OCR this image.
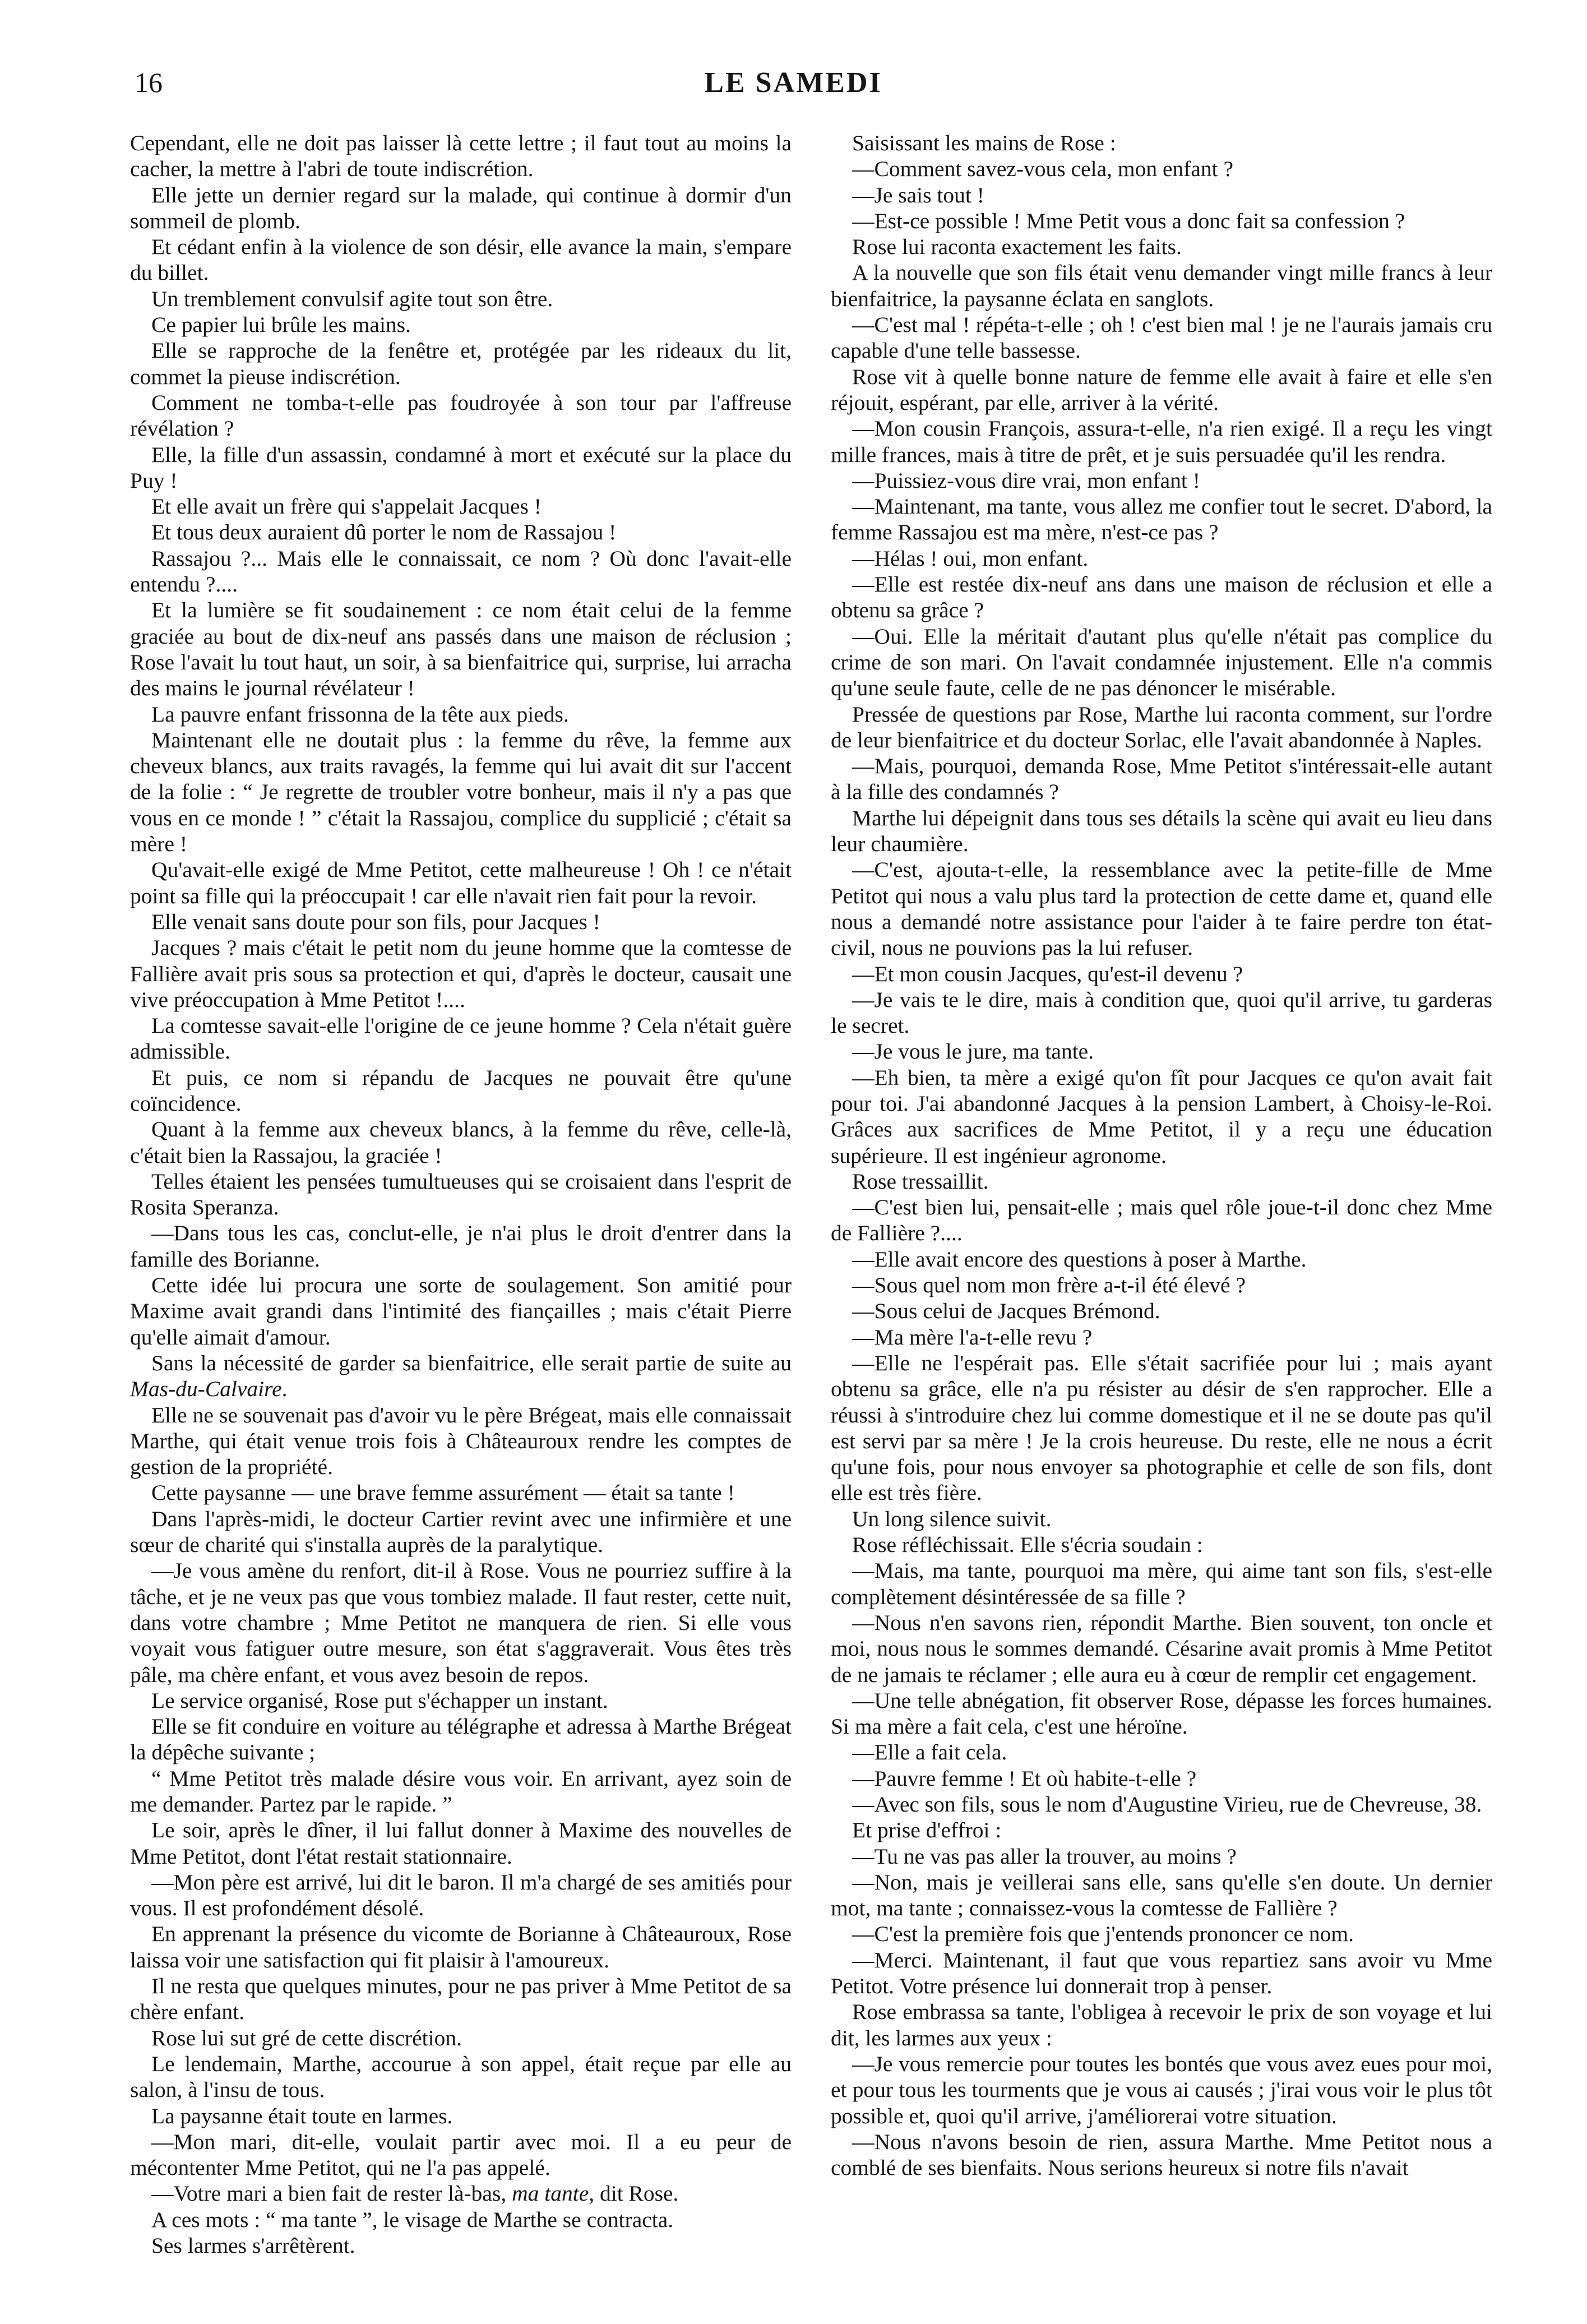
16	LE SAMEDI

Cependant, elle ne doit pas laisser là cette lettre ; il faut tout au moins la cacher, la mettre à l'abri de toute indiscrétion.

Elle jette un dernier regard sur la malade, qui continue à dormir d'un sommeil de plomb.

Et cédant enfin à la violence de son désir, elle avance la main, s'empare du billet.

Un tremblement convulsif agite tout son être.

Ce papier lui brûle les mains.

Elle se rapproche de la fenêtre et, protégée par les rideaux du lit, commet la pieuse indiscrétion.

Comment ne tomba-t-elle pas foudroyée à son tour par l'affreuse révélation ?

Elle, la fille d'un assassin, condamné à mort et exécuté sur la place du Puy !

Et elle avait un frère qui s'appelait Jacques !

Et tous deux auraient dû porter le nom de Rassajou !

Rassajou ?... Mais elle le connaissait, ce nom ? Où donc l'avait-elle entendu ?....

Et la lumière se fit soudainement : ce nom était celui de la femme graciée au bout de dix-neuf ans passés dans une maison de réclusion ; Rose l'avait lu tout haut, un soir, à sa bienfaitrice qui, surprise, lui arracha des mains le journal révélateur !

La pauvre enfant frissonna de la tête aux pieds.

Maintenant elle ne doutait plus : la femme du rêve, la femme aux cheveux blancs, aux traits ravagés, la femme qui lui avait dit sur l'accent de la folie : “ Je regrette de troubler votre bonheur, mais il n'y a pas que vous en ce monde ! ” c'était la Rassajou, complice du supplicié ; c'était sa mère !

Qu'avait-elle exigé de Mme Petitot, cette malheureuse ! Oh ! ce n'était point sa fille qui la préoccupait ! car elle n'avait rien fait pour la revoir.

Elle venait sans doute pour son fils, pour Jacques !

Jacques ? mais c'était le petit nom du jeune homme que la comtesse de Fallière avait pris sous sa protection et qui, d'après le docteur, causait une vive préoccupation à Mme Petitot !....

La comtesse savait-elle l'origine de ce jeune homme ? Cela n'était guère admissible.

Et puis, ce nom si répandu de Jacques ne pouvait être qu'une coïncidence.

Quant à la femme aux cheveux blancs, à la femme du rêve, celle-là, c'était bien la Rassajou, la graciée !

Telles étaient les pensées tumultueuses qui se croisaient dans l'esprit de Rosita Speranza.

—Dans tous les cas, conclut-elle, je n'ai plus le droit d'entrer dans la famille des Borianne.

Cette idée lui procura une sorte de soulagement. Son amitié pour Maxime avait grandi dans l'intimité des fiançailles ; mais c'était Pierre qu'elle aimait d'amour.

Sans la nécessité de garder sa bienfaitrice, elle serait partie de suite au Mas-du-Calvaire.

Elle ne se souvenait pas d'avoir vu le père Brégeat, mais elle connaissait Marthe, qui était venue trois fois à Châteauroux rendre les comptes de gestion de la propriété.

Cette paysanne — une brave femme assurément — était sa tante !

Dans l'après-midi, le docteur Cartier revint avec une infirmière et une sœur de charité qui s'installa auprès de la paralytique.

—Je vous amène du renfort, dit-il à Rose. Vous ne pourriez suffire à la tâche, et je ne veux pas que vous tombiez malade. Il faut rester, cette nuit, dans votre chambre ; Mme Petitot ne manquera de rien. Si elle vous voyait vous fatiguer outre mesure, son état s'aggraverait. Vous êtes très pâle, ma chère enfant, et vous avez besoin de repos.

Le service organisé, Rose put s'échapper un instant.

Elle se fit conduire en voiture au télégraphe et adressa à Marthe Brégeat la dépêche suivante ;

“ Mme Petitot très malade désire vous voir. En arrivant, ayez soin de me demander. Partez par le rapide. ”

Le soir, après le dîner, il lui fallut donner à Maxime des nouvelles de Mme Petitot, dont l'état restait stationnaire.

—Mon père est arrivé, lui dit le baron. Il m'a chargé de ses amitiés pour vous. Il est profondément désolé.

En apprenant la présence du vicomte de Borianne à Châteauroux, Rose laissa voir une satisfaction qui fit plaisir à l'amoureux.

Il ne resta que quelques minutes, pour ne pas priver à Mme Petitot de sa chère enfant.

Rose lui sut gré de cette discrétion.

Le lendemain, Marthe, accourue à son appel, était reçue par elle au salon, à l'insu de tous.

La paysanne était toute en larmes.

—Mon mari, dit-elle, voulait partir avec moi. Il a eu peur de mécontenter Mme Petitot, qui ne l'a pas appelé.

—Votre mari a bien fait de rester là-bas, ma tante, dit Rose.

A ces mots : “ ma tante ”, le visage de Marthe se contracta.

Ses larmes s'arrêtèrent.

Saisissant les mains de Rose :

—Comment savez-vous cela, mon enfant ?

—Je sais tout !

—Est-ce possible ! Mme Petit vous a donc fait sa confession ?

Rose lui raconta exactement les faits.

A la nouvelle que son fils était venu demander vingt mille francs à leur bienfaitrice, la paysanne éclata en sanglots.

—C'est mal ! répéta-t-elle ; oh ! c'est bien mal ! je ne l'aurais jamais cru capable d'une telle bassesse.

Rose vit à quelle bonne nature de femme elle avait à faire et elle s'en réjouit, espérant, par elle, arriver à la vérité.

—Mon cousin François, assura-t-elle, n'a rien exigé. Il a reçu les vingt mille frances, mais à titre de prêt, et je suis persuadée qu'il les rendra.

—Puissiez-vous dire vrai, mon enfant !

—Maintenant, ma tante, vous allez me confier tout le secret. D'abord, la femme Rassajou est ma mère, n'est-ce pas ?

—Hélas ! oui, mon enfant.

—Elle est restée dix-neuf ans dans une maison de réclusion et elle a obtenu sa grâce ?

—Oui. Elle la méritait d'autant plus qu'elle n'était pas complice du crime de son mari. On l'avait condamnée injustement. Elle n'a commis qu'une seule faute, celle de ne pas dénoncer le misérable.

Pressée de questions par Rose, Marthe lui raconta comment, sur l'ordre de leur bienfaitrice et du docteur Sorlac, elle l'avait abandonnée à Naples.

—Mais, pourquoi, demanda Rose, Mme Petitot s'intéressait-elle autant à la fille des condamnés ?

Marthe lui dépeignit dans tous ses détails la scène qui avait eu lieu dans leur chaumière.

—C'est, ajouta-t-elle, la ressemblance avec la petite-fille de Mme Petitot qui nous a valu plus tard la protection de cette dame et, quand elle nous a demandé notre assistance pour l'aider à te faire perdre ton état-civil, nous ne pouvions pas la lui refuser.

—Et mon cousin Jacques, qu'est-il devenu ?

—Je vais te le dire, mais à condition que, quoi qu'il arrive, tu garderas le secret.

—Je vous le jure, ma tante.

—Eh bien, ta mère a exigé qu'on fît pour Jacques ce qu'on avait fait pour toi. J'ai abandonné Jacques à la pension Lambert, à Choisy-le-Roi. Grâces aux sacrifices de Mme Petitot, il y a reçu une éducation supérieure. Il est ingénieur agronome.

Rose tressaillit.

—C'est bien lui, pensait-elle ; mais quel rôle joue-t-il donc chez Mme de Fallière ?....

—Elle avait encore des questions à poser à Marthe.

—Sous quel nom mon frère a-t-il été élevé ?

—Sous celui de Jacques Brémond.

—Ma mère l'a-t-elle revu ?

—Elle ne l'espérait pas. Elle s'était sacrifiée pour lui ; mais ayant obtenu sa grâce, elle n'a pu résister au désir de s'en rapprocher. Elle a réussi à s'introduire chez lui comme domestique et il ne se doute pas qu'il est servi par sa mère ! Je la crois heureuse. Du reste, elle ne nous a écrit qu'une fois, pour nous envoyer sa photographie et celle de son fils, dont elle est très fière.

Un long silence suivit.

Rose réfléchissait. Elle s'écria soudain :

—Mais, ma tante, pourquoi ma mère, qui aime tant son fils, s'est-elle complètement désintéressée de sa fille ?

—Nous n'en savons rien, répondit Marthe. Bien souvent, ton oncle et moi, nous nous le sommes demandé. Césarine avait promis à Mme Petitot de ne jamais te réclamer ; elle aura eu à cœur de remplir cet engagement.

—Une telle abnégation, fit observer Rose, dépasse les forces humaines. Si ma mère a fait cela, c'est une héroïne.

—Elle a fait cela.

—Pauvre femme ! Et où habite-t-elle ?

—Avec son fils, sous le nom d'Augustine Virieu, rue de Chevreuse, 38.

Et prise d'effroi :

—Tu ne vas pas aller la trouver, au moins ?

—Non, mais je veillerai sans elle, sans qu'elle s'en doute. Un dernier mot, ma tante ; connaissez-vous la comtesse de Fallière ?

—C'est la première fois que j'entends prononcer ce nom.

—Merci. Maintenant, il faut que vous repartiez sans avoir vu Mme Petitot. Votre présence lui donnerait trop à penser.

Rose embrassa sa tante, l'obligea à recevoir le prix de son voyage et lui dit, les larmes aux yeux :

—Je vous remercie pour toutes les bontés que vous avez eues pour moi, et pour tous les tourments que je vous ai causés ; j'irai vous voir le plus tôt possible et, quoi qu'il arrive, j'améliorerai votre situation.

—Nous n'avons besoin de rien, assura Marthe. Mme Petitot nous a comblé de ses bienfaits. Nous serions heureux si notre fils n'avait
